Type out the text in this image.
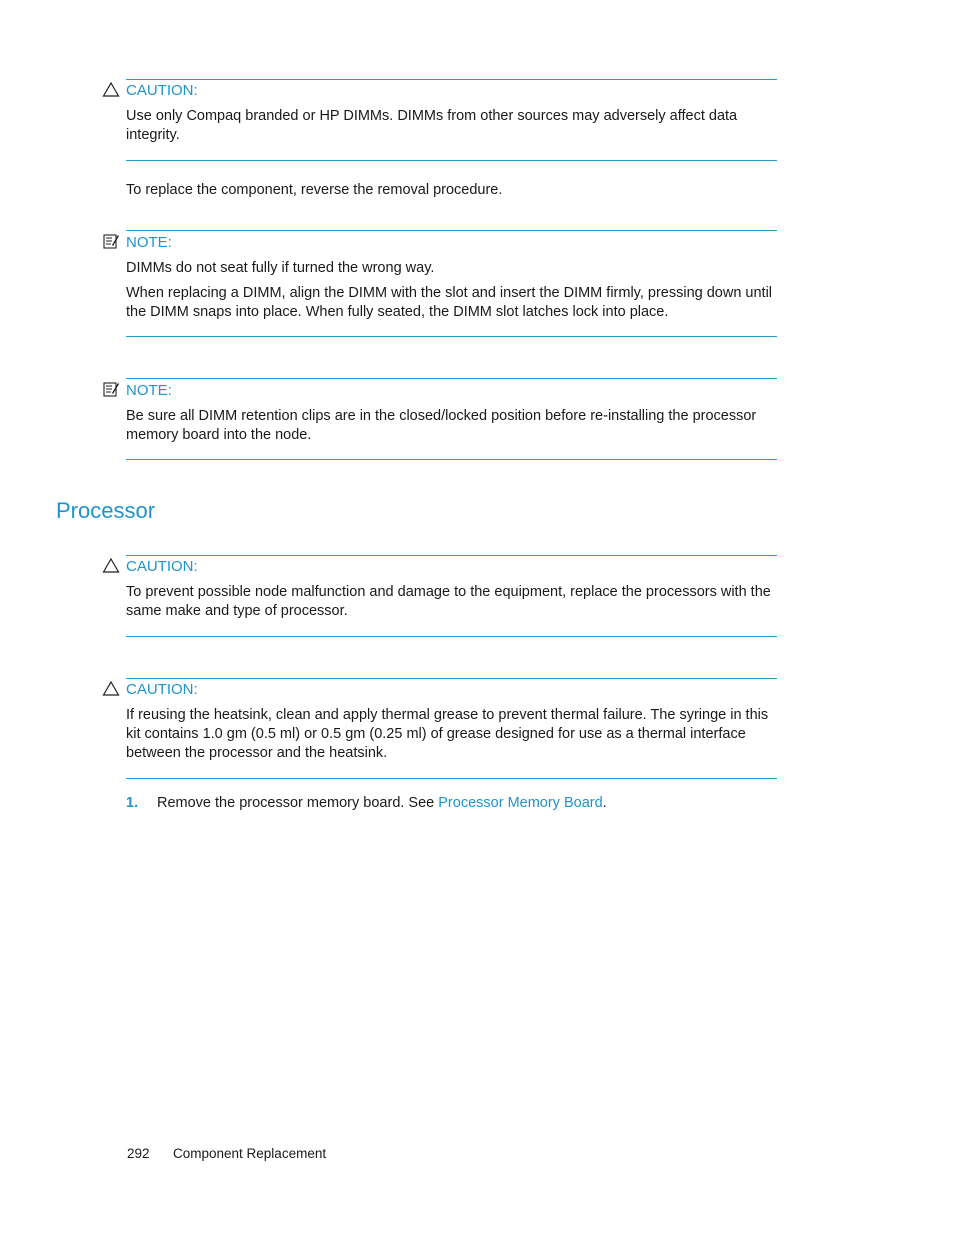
CAUTION:

Use only Compaq branded or HP DIMMs. DIMMs from other sources may adversely affect data integrity.

To replace the component, reverse the removal procedure.

NOTE:

DIMMs do not seat fully if turned the wrong way.

When replacing a DIMM, align the DIMM with the slot and insert the DIMM firmly, pressing down until the DIMM snaps into place. When fully seated, the DIMM slot latches lock into place.

NOTE:

Be sure all DIMM retention clips are in the closed/locked position before re-installing the processor memory board into the node.

Processor
CAUTION:

To prevent possible node malfunction and damage to the equipment, replace the processors with the same make and type of processor.

CAUTION:

If reusing the heatsink, clean and apply thermal grease to prevent thermal failure. The syringe in this kit contains 1.0 gm (0.5 ml) or 0.5 gm (0.25 ml) of grease designed for use as a thermal interface between the processor and the heatsink.

1. Remove the processor memory board. See Processor Memory Board.
292 Component Replacement
